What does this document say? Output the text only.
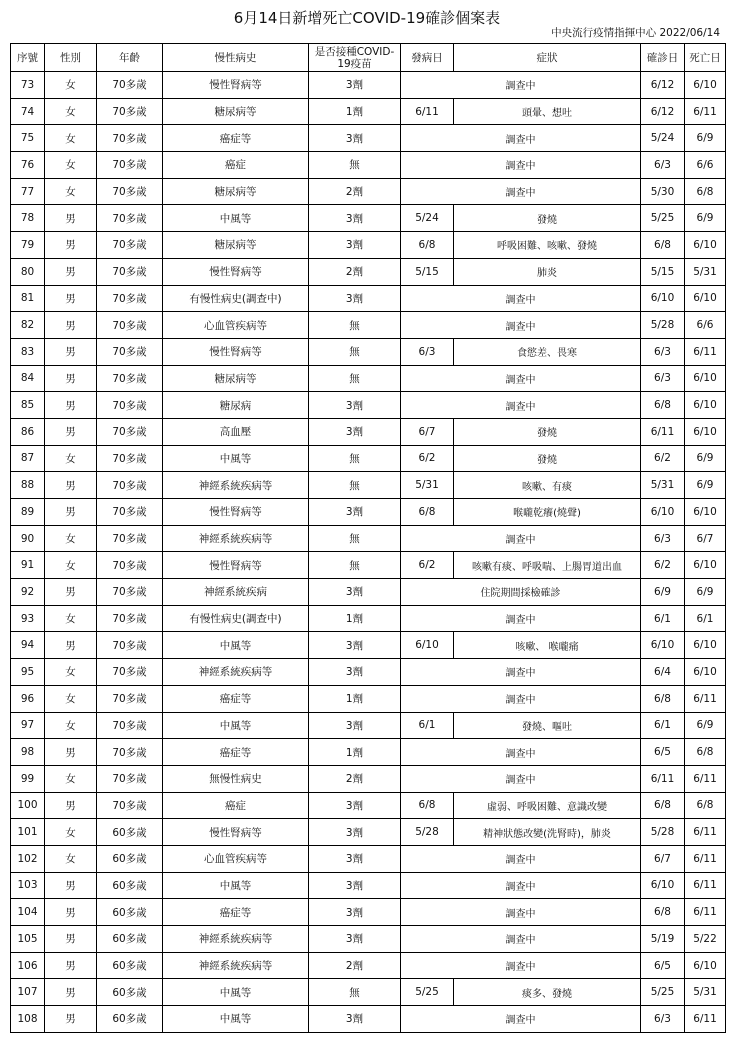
6月14日新增死亡COVID-19確診個案表
中央流行疫情指揮中心 2022/06/14
序號	性別	年齡	慢性病史	是否接種COVID-19疫苗	發病日	症狀	確診日	死亡日
73	女	70多歲	慢性腎病等	3劑	調查中		6/12	6/10
74	女	70多歲	糖尿病等	1劑	6/11	頭暈、想吐	6/12	6/11
75	女	70多歲	癌症等	3劑	調查中		5/24	6/9
76	女	70多歲	癌症	無	調查中		6/3	6/6
77	女	70多歲	糖尿病等	2劑	調查中		5/30	6/8
78	男	70多歲	中風等	3劑	5/24	發燒	5/25	6/9
79	男	70多歲	糖尿病等	3劑	6/8	呼吸困難、咳嗽、發燒	6/8	6/10
80	男	70多歲	慢性腎病等	2劑	5/15	肺炎	5/15	5/31
81	男	70多歲	有慢性病史(調查中)	3劑	調查中		6/10	6/10
82	男	70多歲	心血管疾病等	無	調查中		5/28	6/6
83	男	70多歲	慢性腎病等	無	6/3	食慾差、畏寒	6/3	6/11
84	男	70多歲	糖尿病等	無	調查中		6/3	6/10
85	男	70多歲	糖尿病	3劑	調查中		6/8	6/10
86	男	70多歲	高血壓	3劑	6/7	發燒	6/11	6/10
87	女	70多歲	中風等	無	6/2	發燒	6/2	6/9
88	男	70多歲	神經系統疾病等	無	5/31	咳嗽、有痰	5/31	6/9
89	男	70多歲	慢性腎病等	3劑	6/8	喉嚨乾癢(燒聲)	6/10	6/10
90	女	70多歲	神經系統疾病等	無	調查中		6/3	6/7
91	女	70多歲	慢性腎病等	無	6/2	咳嗽有痰、呼吸喘、上腸胃道出血	6/2	6/10
92	男	70多歲	神經系統疾病	3劑	住院期間採檢確診		6/9	6/9
93	女	70多歲	有慢性病史(調查中)	1劑	調查中		6/1	6/1
94	男	70多歲	中風等	3劑	6/10	咳嗽、 喉嚨痛	6/10	6/10
95	女	70多歲	神經系統疾病等	3劑	調查中		6/4	6/10
96	女	70多歲	癌症等	1劑	調查中		6/8	6/11
97	女	70多歲	中風等	3劑	6/1	發燒、嘔吐	6/1	6/9
98	男	70多歲	癌症等	1劑	調查中		6/5	6/8
99	女	70多歲	無慢性病史	2劑	調查中		6/11	6/11
100	男	70多歲	癌症	3劑	6/8	虛弱、呼吸困難、意識改變	6/8	6/8
101	女	60多歲	慢性腎病等	3劑	5/28	精神狀態改變(洗腎時)，肺炎	5/28	6/11
102	女	60多歲	心血管疾病等	3劑	調查中		6/7	6/11
103	男	60多歲	中風等	3劑	調查中		6/10	6/11
104	男	60多歲	癌症等	3劑	調查中		6/8	6/11
105	男	60多歲	神經系統疾病等	3劑	調查中		5/19	5/22
106	男	60多歲	神經系統疾病等	2劑	調查中		6/5	6/10
107	男	60多歲	中風等	無	5/25	痰多、發燒	5/25	5/31
108	男	60多歲	中風等	3劑	調查中		6/3	6/11
